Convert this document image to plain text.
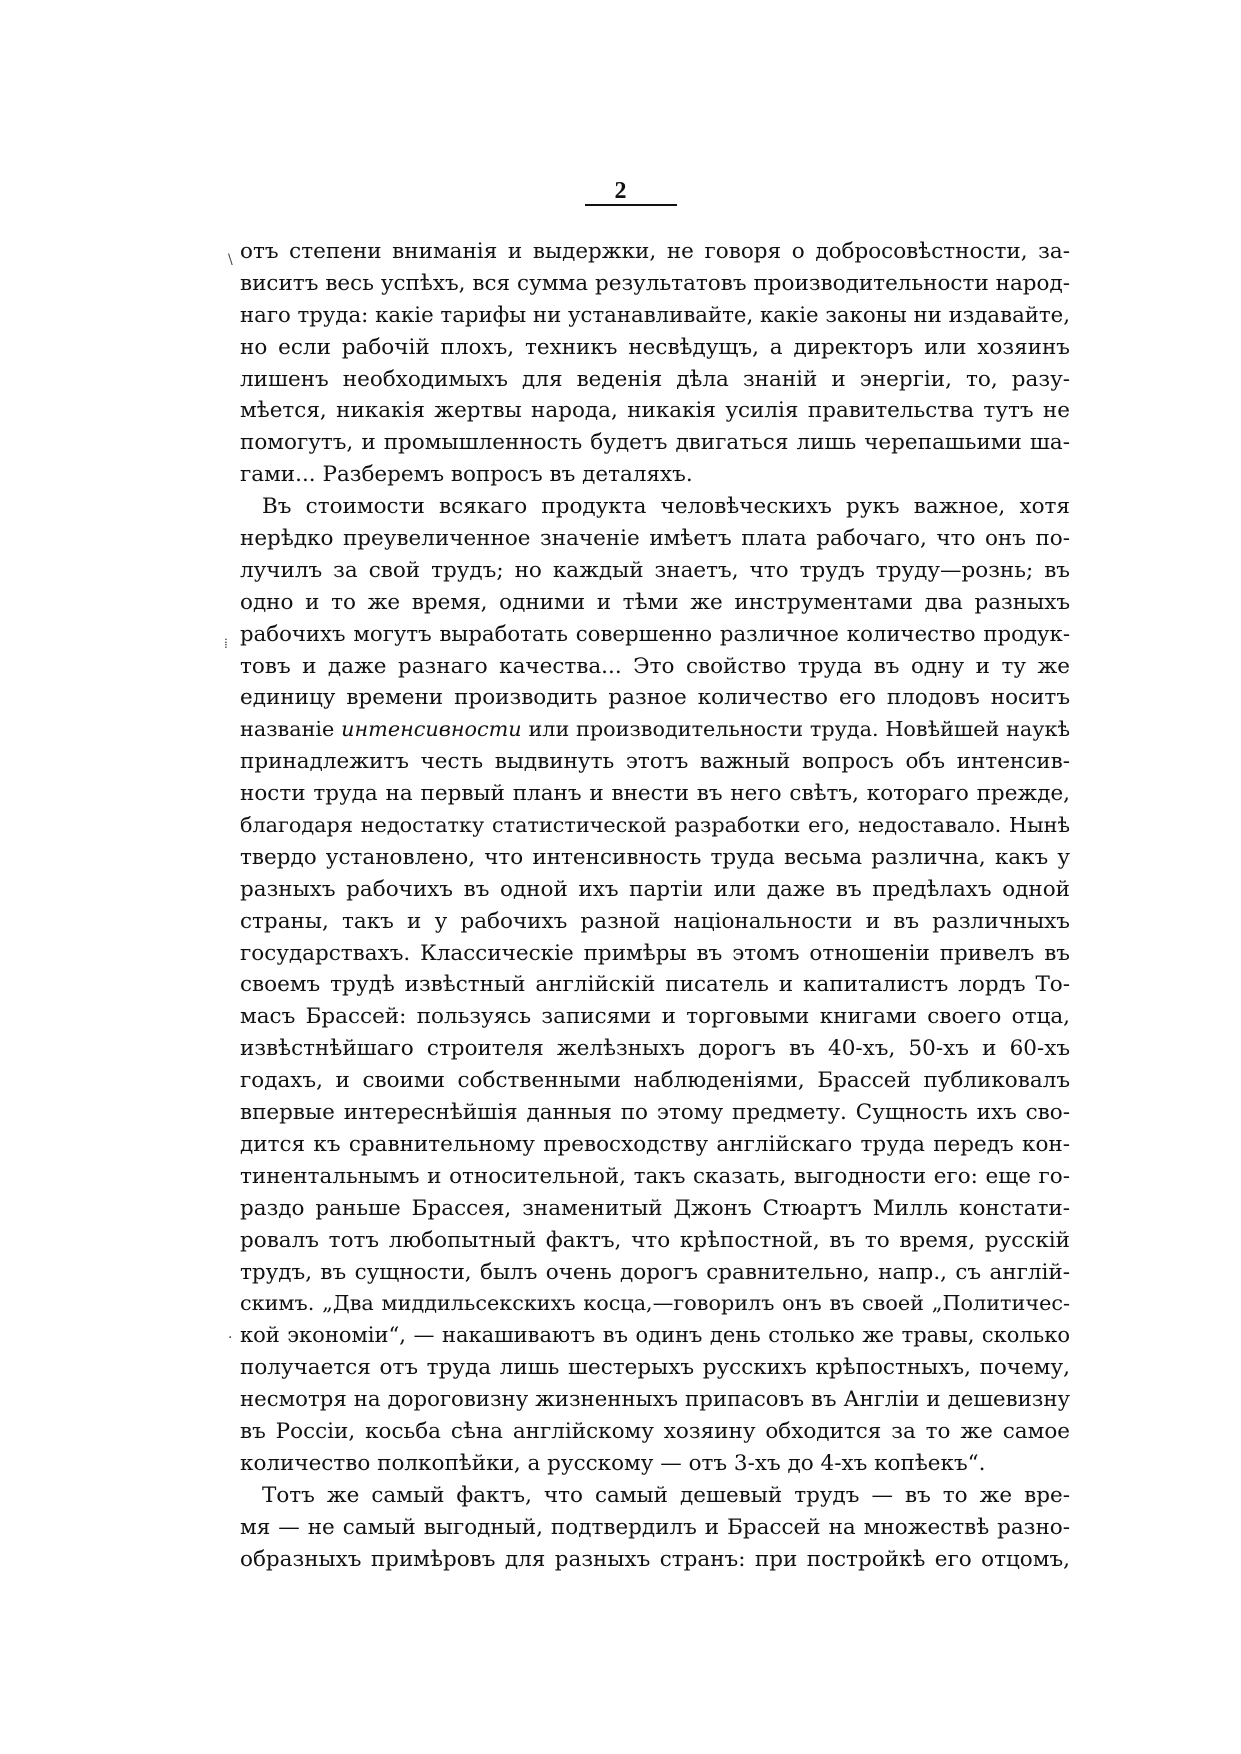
2
\
⁞
·
отъ степени вниманія и выдержки, не говоря о добросовѣстности, за-
виситъ весь успѣхъ, вся сумма результатовъ производительности народ-
наго труда: какіе тарифы ни устанавливайте, какіе законы ни издавайте,
но если рабочій плохъ, техникъ несвѣдущъ, а директоръ или хозяинъ
лишенъ необходимыхъ для веденія дѣла знаній и энергіи, то, разу-
мѣется, никакія жертвы народа, никакія усилія правительства тутъ не
помогутъ, и промышленность будетъ двигаться лишь черепашьими ша-
гами... Разберемъ вопросъ въ деталяхъ.
Въ стоимости всякаго продукта человѣческихъ рукъ важное, хотя
нерѣдко преувеличенное значеніе имѣетъ плата рабочаго, что онъ по-
лучилъ за свой трудъ; но каждый знаетъ, что трудъ труду—рознь; въ
одно и то же время, одними и тѣми же инструментами два разныхъ
рабочихъ могутъ выработать совершенно различное количество продук-
товъ и даже разнаго качества... Это свойство труда въ одну и ту же
единицу времени производить разное количество его плодовъ носитъ
названіе интенсивности или производительности труда. Новѣйшей наукѣ
принадлежитъ честь выдвинуть этотъ важный вопросъ объ интенсив-
ности труда на первый планъ и внести въ него свѣтъ, котораго прежде,
благодаря недостатку статистической разработки его, недоставало. Нынѣ
твердо установлено, что интенсивность труда весьма различна, какъ у
разныхъ рабочихъ въ одной ихъ партіи или даже въ предѣлахъ одной
страны, такъ и у рабочихъ разной національности и въ различныхъ
государствахъ. Классическіе примѣры въ этомъ отношеніи привелъ въ
своемъ трудѣ извѣстный англійскій писатель и капиталистъ лордъ То-
масъ Брассей: пользуясь записями и торговыми книгами своего отца,
извѣстнѣйшаго строителя желѣзныхъ дорогъ въ 40-хъ, 50-хъ и 60-хъ
годахъ, и своими собственными наблюденіями, Брассей публиковалъ
впервые интереснѣйшія данныя по этому предмету. Сущность ихъ сво-
дится къ сравнительному превосходству англійскаго труда передъ кон-
тинентальнымъ и относительной, такъ сказать, выгодности его: еще го-
раздо раньше Брассея, знаменитый Джонъ Стюартъ Милль констати-
ровалъ тотъ любопытный фактъ, что крѣпостной, въ то время, русскій
трудъ, въ сущности, былъ очень дорогъ сравнительно, напр., съ англій-
скимъ. „Два миддильсекскихъ косца,—говорилъ онъ въ своей „Политичес-
кой экономіи“, — накашиваютъ въ одинъ день столько же травы, сколько
получается отъ труда лишь шестерыхъ русскихъ крѣпостныхъ, почему,
несмотря на дороговизну жизненныхъ припасовъ въ Англіи и дешевизну
въ Россіи, косьба сѣна англійскому хозяину обходится за то же самое
количество полкопѣйки, а русскому — отъ 3-хъ до 4-хъ копѣекъ“.
Тотъ же самый фактъ, что самый дешевый трудъ — въ то же вре-
мя — не самый выгодный, подтвердилъ и Брассей на множествѣ разно-
образныхъ примѣровъ для разныхъ странъ: при постройкѣ его отцомъ,
